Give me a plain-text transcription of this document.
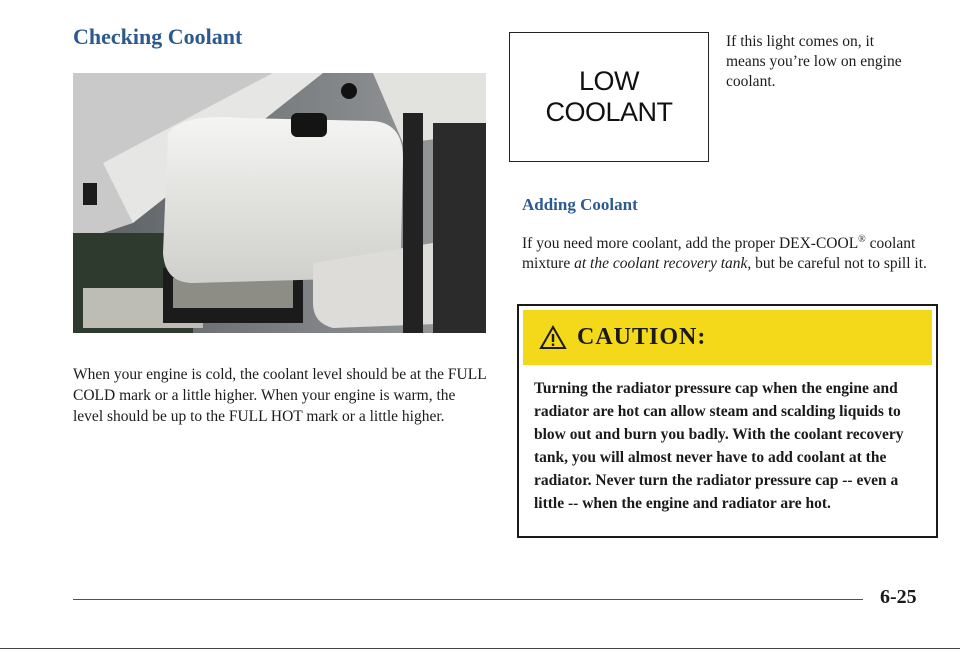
Checking Coolant

When your engine is cold, the coolant level should be at the FULL COLD mark or a little higher. When your engine is warm, the level should be up to the FULL HOT mark or a little higher.

LOW
COOLANT

If this light comes on, it means you’re low on engine coolant.

Adding Coolant

If you need more coolant, add the proper DEX-COOL® coolant mixture at the coolant recovery tank, but be careful not to spill it.

CAUTION:

Turning the radiator pressure cap when the engine and radiator are hot can allow steam and scalding liquids to blow out and burn you badly. With the coolant recovery tank, you will almost never have to add coolant at the radiator. Never turn the radiator pressure cap -- even a little -- when the engine and radiator are hot.

6-25
